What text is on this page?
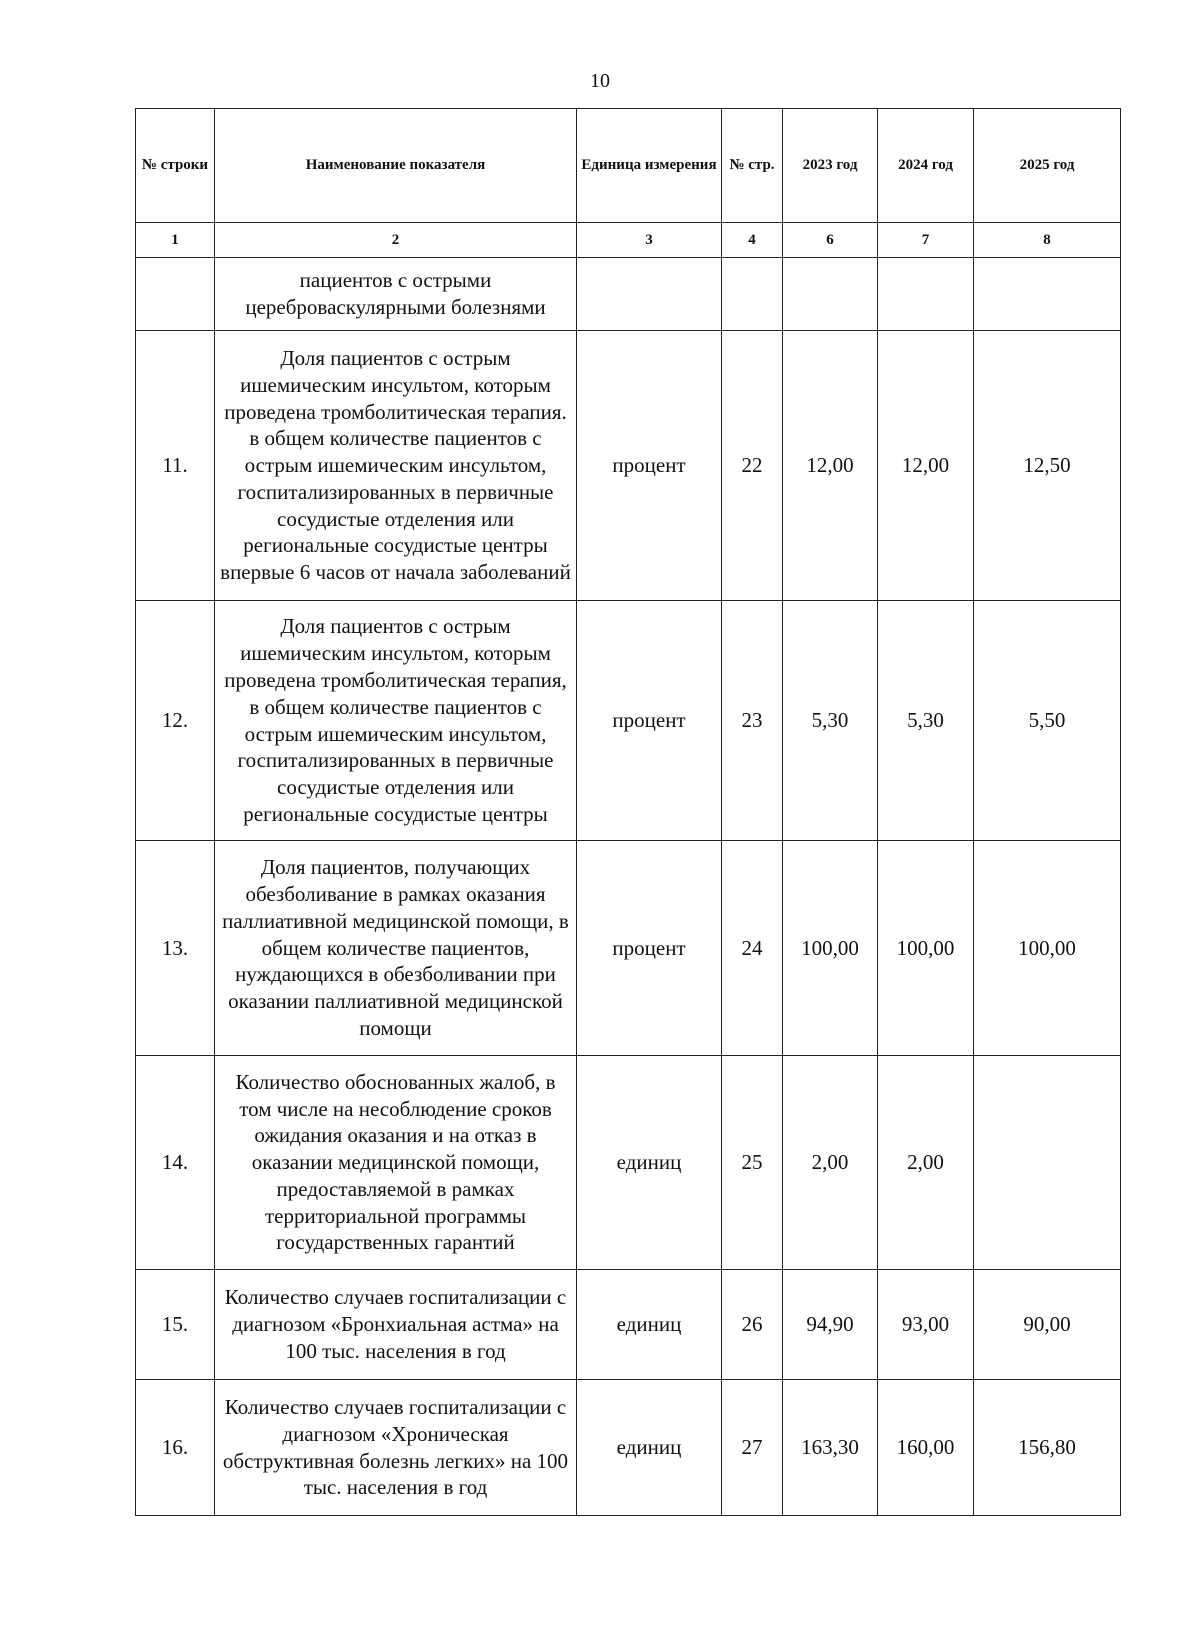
10
№ строки	Наименование показателя	Единица измерения	№ стр.	2023 год	2024 год	2025 год
1	2	3	4	6	7	8
	пациентов с острыми цереброваскулярными болезнями					
11.	Доля пациентов с острым ишемическим инсультом, которым проведена тромболитическая терапия. в общем количестве пациентов с острым ишемическим инсультом, госпитализированных в первичные сосудистые отделения или региональные сосудистые центры впервые 6 часов от начала заболеваний	процент	22	12,00	12,00	12,50
12.	Доля пациентов с острым ишемическим инсультом, которым проведена тромболитическая терапия, в общем количестве пациентов с острым ишемическим инсультом, госпитализированных в первичные сосудистые отделения или региональные сосудистые центры	процент	23	5,30	5,30	5,50
13.	Доля пациентов, получающих обезболивание в рамках оказания паллиативной медицинской помощи, в общем количестве пациентов, нуждающихся в обезболивании при оказании паллиативной медицинской помощи	процент	24	100,00	100,00	100,00
14.	Количество обоснованных жалоб, в том числе на несоблюдение сроков ожидания оказания и на отказ в оказании медицинской помощи, предоставляемой в рамках территориальной программы государственных гарантий	единиц	25	2,00	2,00	
15.	Количество случаев госпитализации с диагнозом «Бронхиальная астма» на 100 тыс. населения в год	единиц	26	94,90	93,00	90,00
16.	Количество случаев госпитализации с диагнозом «Хроническая обструктивная болезнь легких» на 100 тыс. населения в год	единиц	27	163,30	160,00	156,80
